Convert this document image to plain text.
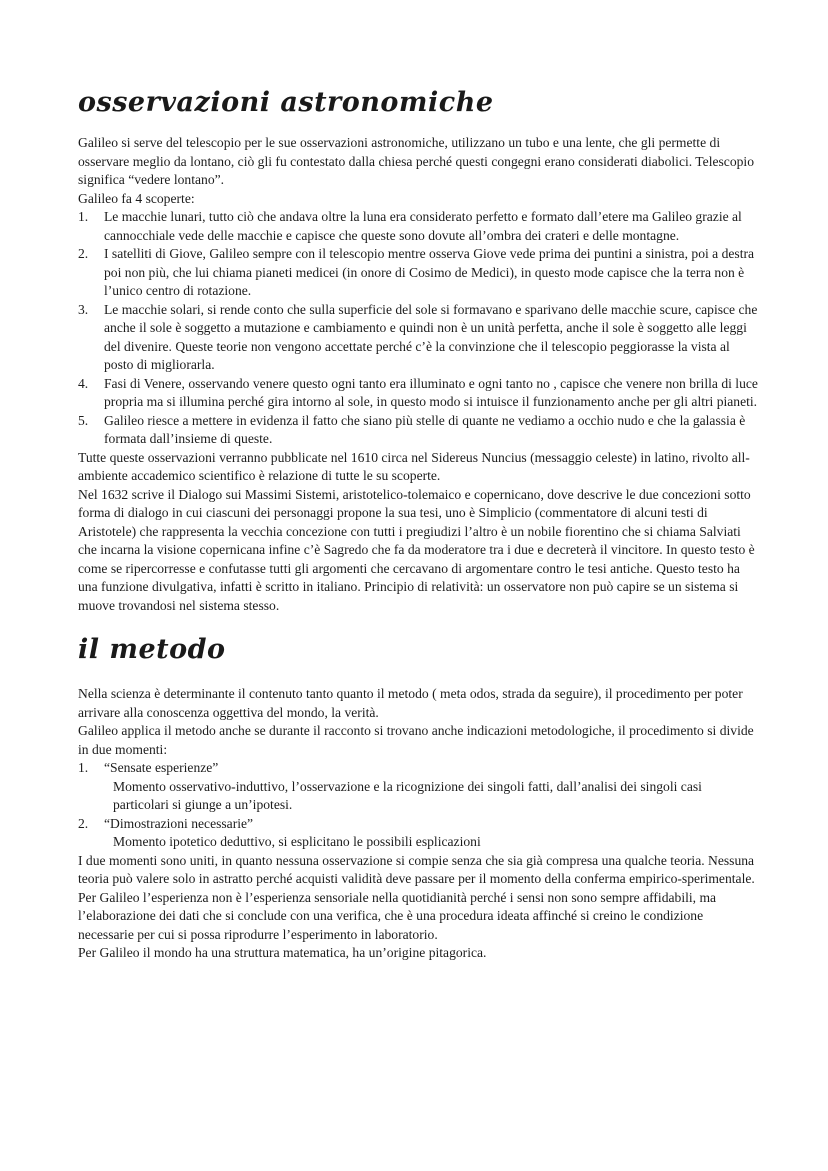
osservazioni astronomiche

Galileo si serve del telescopio per le sue osservazioni astronomiche, utilizzano un tubo e una lente, che gli permette di osservare meglio da lontano, ciò gli fu contestato dalla chiesa perché questi congegni erano considerati diabolici. Telescopio significa “vedere lontano”.

Galileo fa 4 scoperte:

1. Le macchie lunari, tutto ciò che andava oltre la luna era considerato perfetto e formato dall’etere ma Galileo grazie al cannocchiale vede delle macchie e capisce che queste sono dovute all’ombra dei crateri e delle montagne.
2. I satelliti di Giove, Galileo sempre con il telescopio mentre osserva Giove vede prima dei puntini a sinistra, poi a destra poi non più, che lui chiama pianeti medicei (in onore di Cosimo de Medici), in questo mode capisce che la terra non è l’unico centro di rotazione.
3. Le macchie solari, si rende conto che sulla superficie del sole si formavano e sparivano delle macchie scure, capisce che anche il sole è soggetto a mutazione e cambiamento e quindi non è un unità perfetta, anche il sole è soggetto alle leggi del divenire. Queste teorie non vengono accettate perché c’è la convinzione che il telescopio peggiorasse la vista al posto di migliorarla.
4. Fasi di Venere, osservando venere questo ogni tanto era illuminato e ogni tanto no , capisce che venere non brilla di luce propria ma si illumina perché gira intorno al sole, in questo modo si intuisce il funzionamento anche per gli altri pianeti.
5. Galileo riesce a mettere in evidenza il fatto che siano più stelle di quante ne vediamo a occhio nudo e che la galassia è formata dall’insieme di queste.

Tutte queste osservazioni verranno pubblicate nel 1610 circa nel Sidereus Nuncius (messaggio celeste) in latino, rivolto all-ambiente accademico scientifico è relazione di tutte le su scoperte.

Nel 1632 scrive il Dialogo sui Massimi Sistemi, aristotelico-tolemaico e copernicano, dove descrive le due concezioni sotto forma di dialogo in cui ciascuni dei personaggi propone la sua tesi, uno è Simplicio (commentatore di alcuni testi di Aristotele) che rappresenta la vecchia concezione con tutti i pregiudizi l’altro è un nobile fiorentino che si chiama Salviati che incarna la visione copernicana infine c’è Sagredo che fa da moderatore tra i due e decreterà il vincitore. In questo testo è come se ripercorresse e confutasse tutti gli argomenti che cercavano di argomentare contro le tesi antiche. Questo testo ha una funzione divulgativa, infatti è scritto in italiano. Principio di relatività: un osservatore non può capire se un sistema si muove trovandosi nel sistema stesso.

il metodo

Nella scienza è determinante il contenuto tanto quanto il metodo ( meta odos, strada da seguire), il procedimento per poter arrivare alla conoscenza oggettiva del mondo, la verità.

Galileo applica il metodo anche se durante il racconto si trovano anche indicazioni metodologiche, il procedimento si divide in due momenti:

1. “Sensate esperienze”
Momento osservativo-induttivo, l’osservazione e la ricognizione dei singoli fatti, dall’analisi dei singoli casi particolari si giunge a un’ipotesi.
2. “Dimostrazioni necessarie”
Momento ipotetico deduttivo, si esplicitano le possibili esplicazioni

I due momenti sono uniti, in quanto nessuna osservazione si compie senza che sia già compresa una qualche teoria. Nessuna teoria può valere solo in astratto perché acquisti validità deve passare per il momento della conferma empirico-sperimentale.

Per Galileo l’esperienza non è l’esperienza sensoriale nella quotidianità perché i sensi non sono sempre affidabili, ma l’elaborazione dei dati che si conclude con una verifica, che è una procedura ideata affinché si creino le condizione necessarie per cui si possa riprodurre l’esperimento in laboratorio.

Per Galileo il mondo ha una struttura matematica, ha un’origine pitagorica.
